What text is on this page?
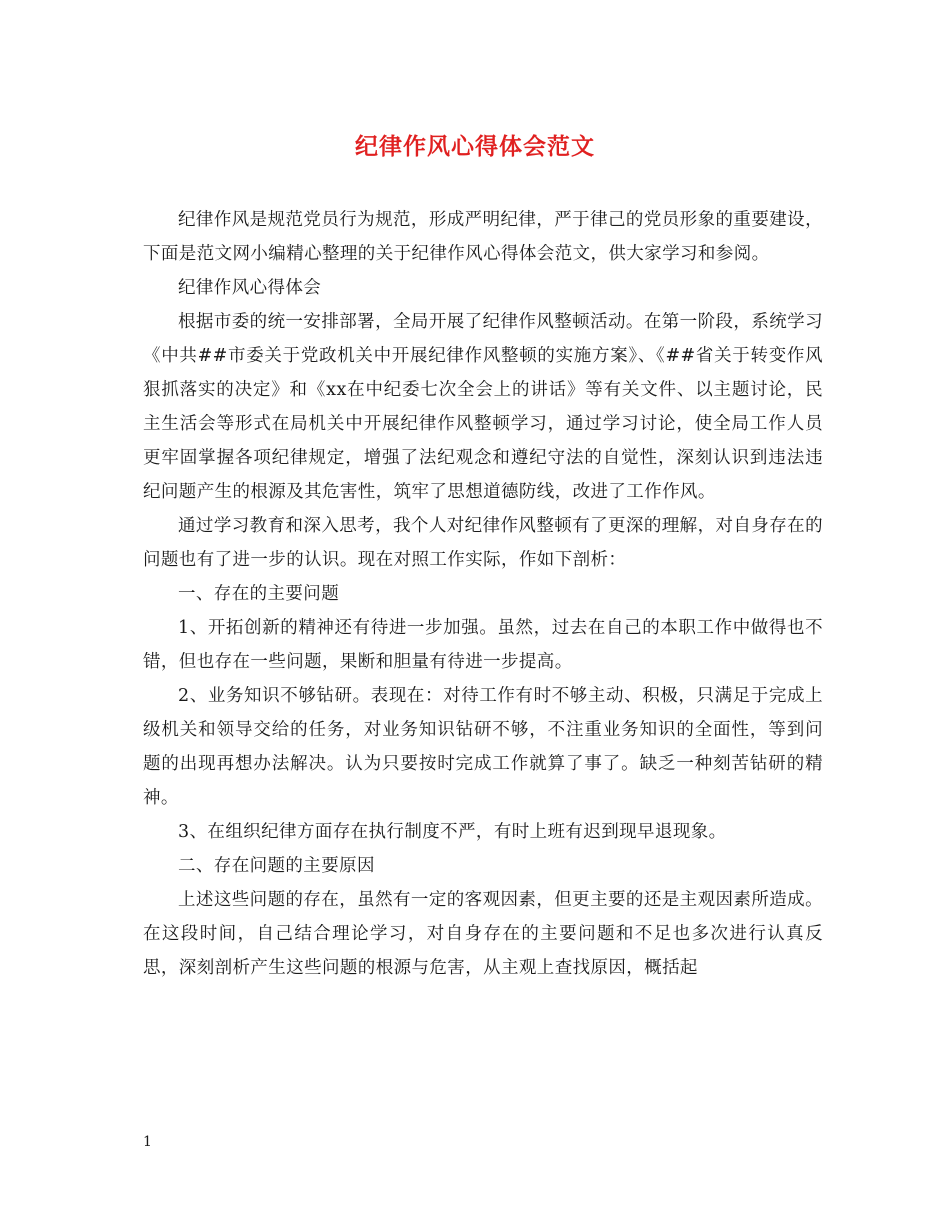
纪律作风心得体会范文

纪律作风是规范党员行为规范，形成严明纪律，严于律己的党员形象的重要建设，下面是范文网小编精心整理的关于纪律作风心得体会范文，供大家学习和参阅。

纪律作风心得体会

根据市委的统一安排部署，全局开展了纪律作风整顿活动。在第一阶段，系统学习《中共##市委关于党政机关中开展纪律作风整顿的实施方案》、《##省关于转变作风狠抓落实的决定》和《xx在中纪委七次全会上的讲话》等有关文件、以主题讨论，民主生活会等形式在局机关中开展纪律作风整顿学习，通过学习讨论，使全局工作人员更牢固掌握各项纪律规定，增强了法纪观念和遵纪守法的自觉性，深刻认识到违法违纪问题产生的根源及其危害性，筑牢了思想道德防线，改进了工作作风。

通过学习教育和深入思考，我个人对纪律作风整顿有了更深的理解，对自身存在的问题也有了进一步的认识。现在对照工作实际，作如下剖析：

一、存在的主要问题

1、开拓创新的精神还有待进一步加强。虽然，过去在自己的本职工作中做得也不错，但也存在一些问题，果断和胆量有待进一步提高。

2、业务知识不够钻研。表现在：对待工作有时不够主动、积极，只满足于完成上级机关和领导交给的任务，对业务知识钻研不够，不注重业务知识的全面性，等到问题的出现再想办法解决。认为只要按时完成工作就算了事了。缺乏一种刻苦钻研的精神。

3、在组织纪律方面存在执行制度不严，有时上班有迟到现早退现象。

二、存在问题的主要原因

上述这些问题的存在，虽然有一定的客观因素，但更主要的还是主观因素所造成。在这段时间，自己结合理论学习，对自身存在的主要问题和不足也多次进行认真反思，深刻剖析产生这些问题的根源与危害，从主观上查找原因，概括起

1
